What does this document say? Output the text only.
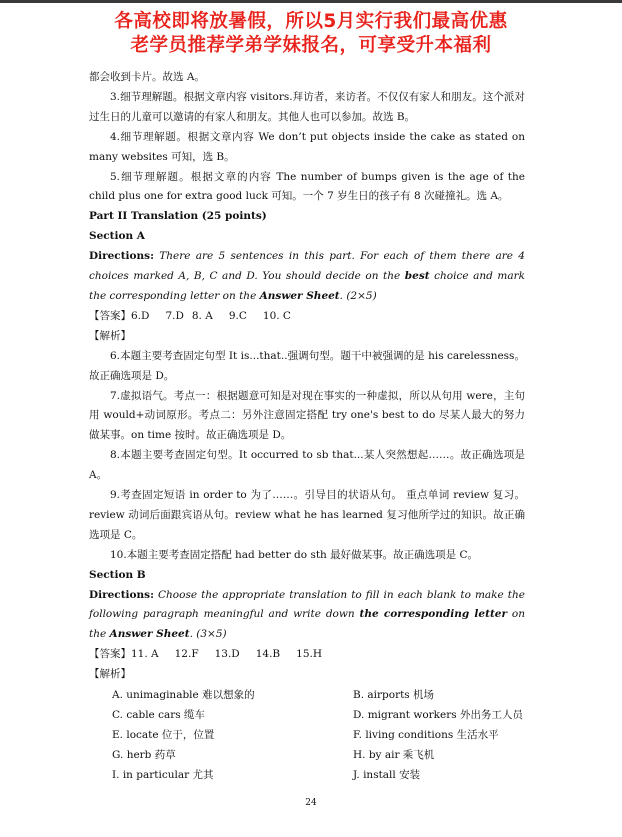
各高校即将放暑假，所以5月实行我们最高优惠
老学员推荐学弟学妹报名，可享受升本福利

都会收到卡片。故选 A。

3.细节理解题。根据文章内容 visitors.拜访者，来访者。不仅仅有家人和朋友。这个派对过生日的儿童可以邀请的有家人和朋友。其他人也可以参加。故选 B。

4.细节理解题。根据文章内容 We don’t put objects inside the cake as stated on many websites 可知，选 B。

5.细节理解题。根据文章的内容 The number of bumps given is the age of the child plus one for extra good luck 可知。一个 7 岁生日的孩子有 8 次碰撞礼。选 A。

Part II Translation (25 points)

Section A

Directions: There are 5 sentences in this part. For each of them there are 4 choices marked A, B, C and D. You should decide on the best choice and mark the corresponding letter on the Answer Sheet. (2×5)

【答案】6.D 7.D 8. A 9.C 10. C

【解析】

6.本题主要考查固定句型 It is...that..强调句型。题干中被强调的是 his carelessness。故正确选项是 D。

7.虚拟语气。考点一：根据题意可知是对现在事实的一种虚拟，所以从句用 were，主句用 would+动词原形。考点二：另外注意固定搭配 try one's best to do 尽某人最大的努力做某事。on time 按时。故正确选项是 D。

8.本题主要考查固定句型。It occurred to sb that...某人突然想起……。故正确选项是 A。

9.考查固定短语 in order to 为了……。引导目的状语从句。 重点单词 review 复习。review 动词后面跟宾语从句。review what he has learned 复习他所学过的知识。故正确选项是 C。

10.本题主要考查固定搭配 had better do sth 最好做某事。故正确选项是 C。

Section B

Directions: Choose the appropriate translation to fill in each blank to make the following paragraph meaningful and write down the corresponding letter on the Answer Sheet. (3×5)

【答案】11. A 12.F 13.D 14.B 15.H

【解析】

A. unimaginable 难以想象的	B. airports 机场
C. cable cars 缆车	D. migrant workers 外出务工人员
E. locate 位于，位置	F. living conditions 生活水平
G. herb 药草	H. by air 乘飞机
I. in particular 尤其	J. install 安装
24
